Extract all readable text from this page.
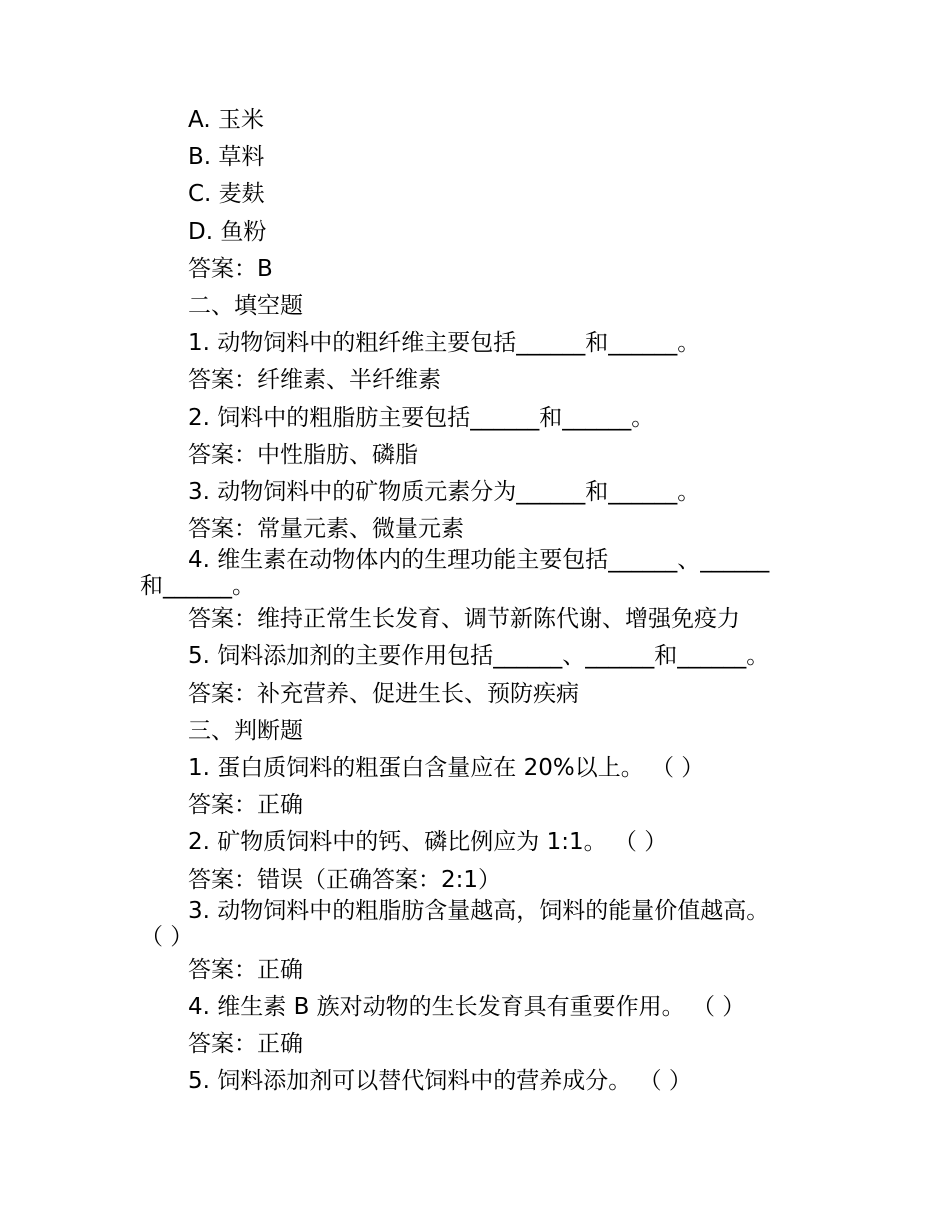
A. 玉米
B. 草料
C. 麦麸
D. 鱼粉
答案：B
二、填空题
1. 动物饲料中的粗纤维主要包括______和______。
答案：纤维素、半纤维素
2. 饲料中的粗脂肪主要包括______和______。
答案：中性脂肪、磷脂
3. 动物饲料中的矿物质元素分为______和______。
答案：常量元素、微量元素
4. 维生素在动物体内的生理功能主要包括______、______
和______。
答案：维持正常生长发育、调节新陈代谢、增强免疫力
5. 饲料添加剂的主要作用包括______、______和______。
答案：补充营养、促进生长、预防疾病
三、判断题
1. 蛋白质饲料的粗蛋白含量应在 20%以上。 （ ）
答案：正确
2. 矿物质饲料中的钙、磷比例应为 1:1。 （ ）
答案：错误（正确答案：2:1）
3. 动物饲料中的粗脂肪含量越高，饲料的能量价值越高。
（ ）
答案：正确
4. 维生素 B 族对动物的生长发育具有重要作用。 （ ）
答案：正确
5. 饲料添加剂可以替代饲料中的营养成分。 （ ）
